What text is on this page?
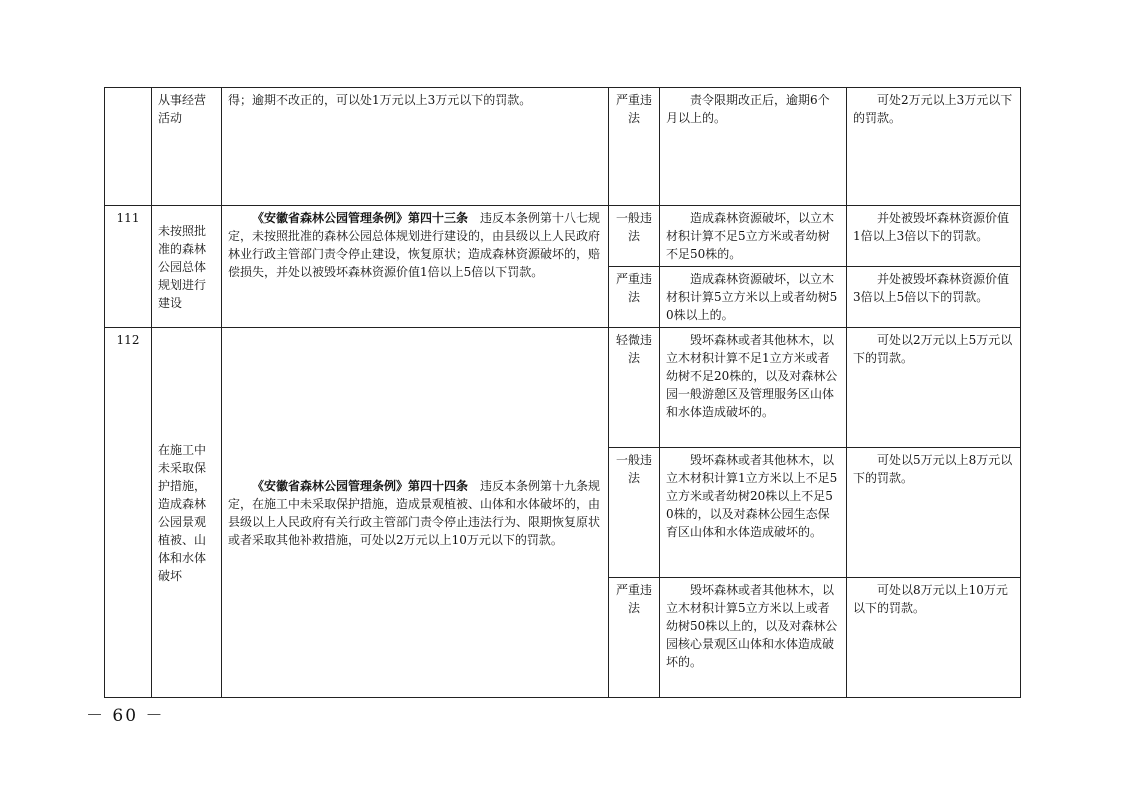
	从事经营活动	得；逾期不改正的，可以处1万元以上3万元以下的罚款。	严重违法	责令限期改正后，逾期6个月以上的。	可处2万元以上3万元以下的罚款。

111	未按照批准的森林公园总体规划进行建设	《安徽省森林公园管理条例》第四十三条　 违反本条例第十八七规定，未按照批准的森林公园总体规划进行建设的，由县级以上人民政府林业行政主管部门责令停止建设，恢复原状；造成森林资源破坏的，赔偿损失，并处以被毁坏森林资源价值1倍以上5倍以下罚款。	一般违法	造成森林资源破坏，以立木材积计算不足5立方米或者幼树不足50株的。	并处被毁坏森林资源价值1倍以上3倍以下的罚款。

			严重违法	造成森林资源破坏，以立木材积计算5立方米以上或者幼树50株以上的。	并处被毁坏森林资源价值3倍以上5倍以下的罚款。

112	在施工中未采取保护措施，造成森林公园景观植被、山体和水体破坏	《安徽省森林公园管理条例》第四十四条　 违反本条例第十九条规定，在施工中未采取保护措施，造成景观植被、山体和水体破坏的，由县级以上人民政府有关行政主管部门责令停止违法行为、限期恢复原状或者采取其他补救措施，可处以2万元以上10万元以下的罚款。	轻微违法	毁坏森林或者其他林木，以立木材积计算不足1立方米或者幼树不足20株的，以及对森林公园一般游憩区及管理服务区山体和水体造成破坏的。	可处以2万元以上5万元以下的罚款。

			一般违法	毁坏森林或者其他林木，以立木材积计算1立方米以上不足5立方米或者幼树20株以上不足50株的，以及对森林公园生态保育区山体和水体造成破坏的。	可处以5万元以上8万元以下的罚款。

			严重违法	毁坏森林或者其他林木，以立木材积计算5立方米以上或者幼树50株以上的，以及对森林公园核心景观区山体和水体造成破坏的。	可处以8万元以上10万元以下的罚款。
－ 60 －
